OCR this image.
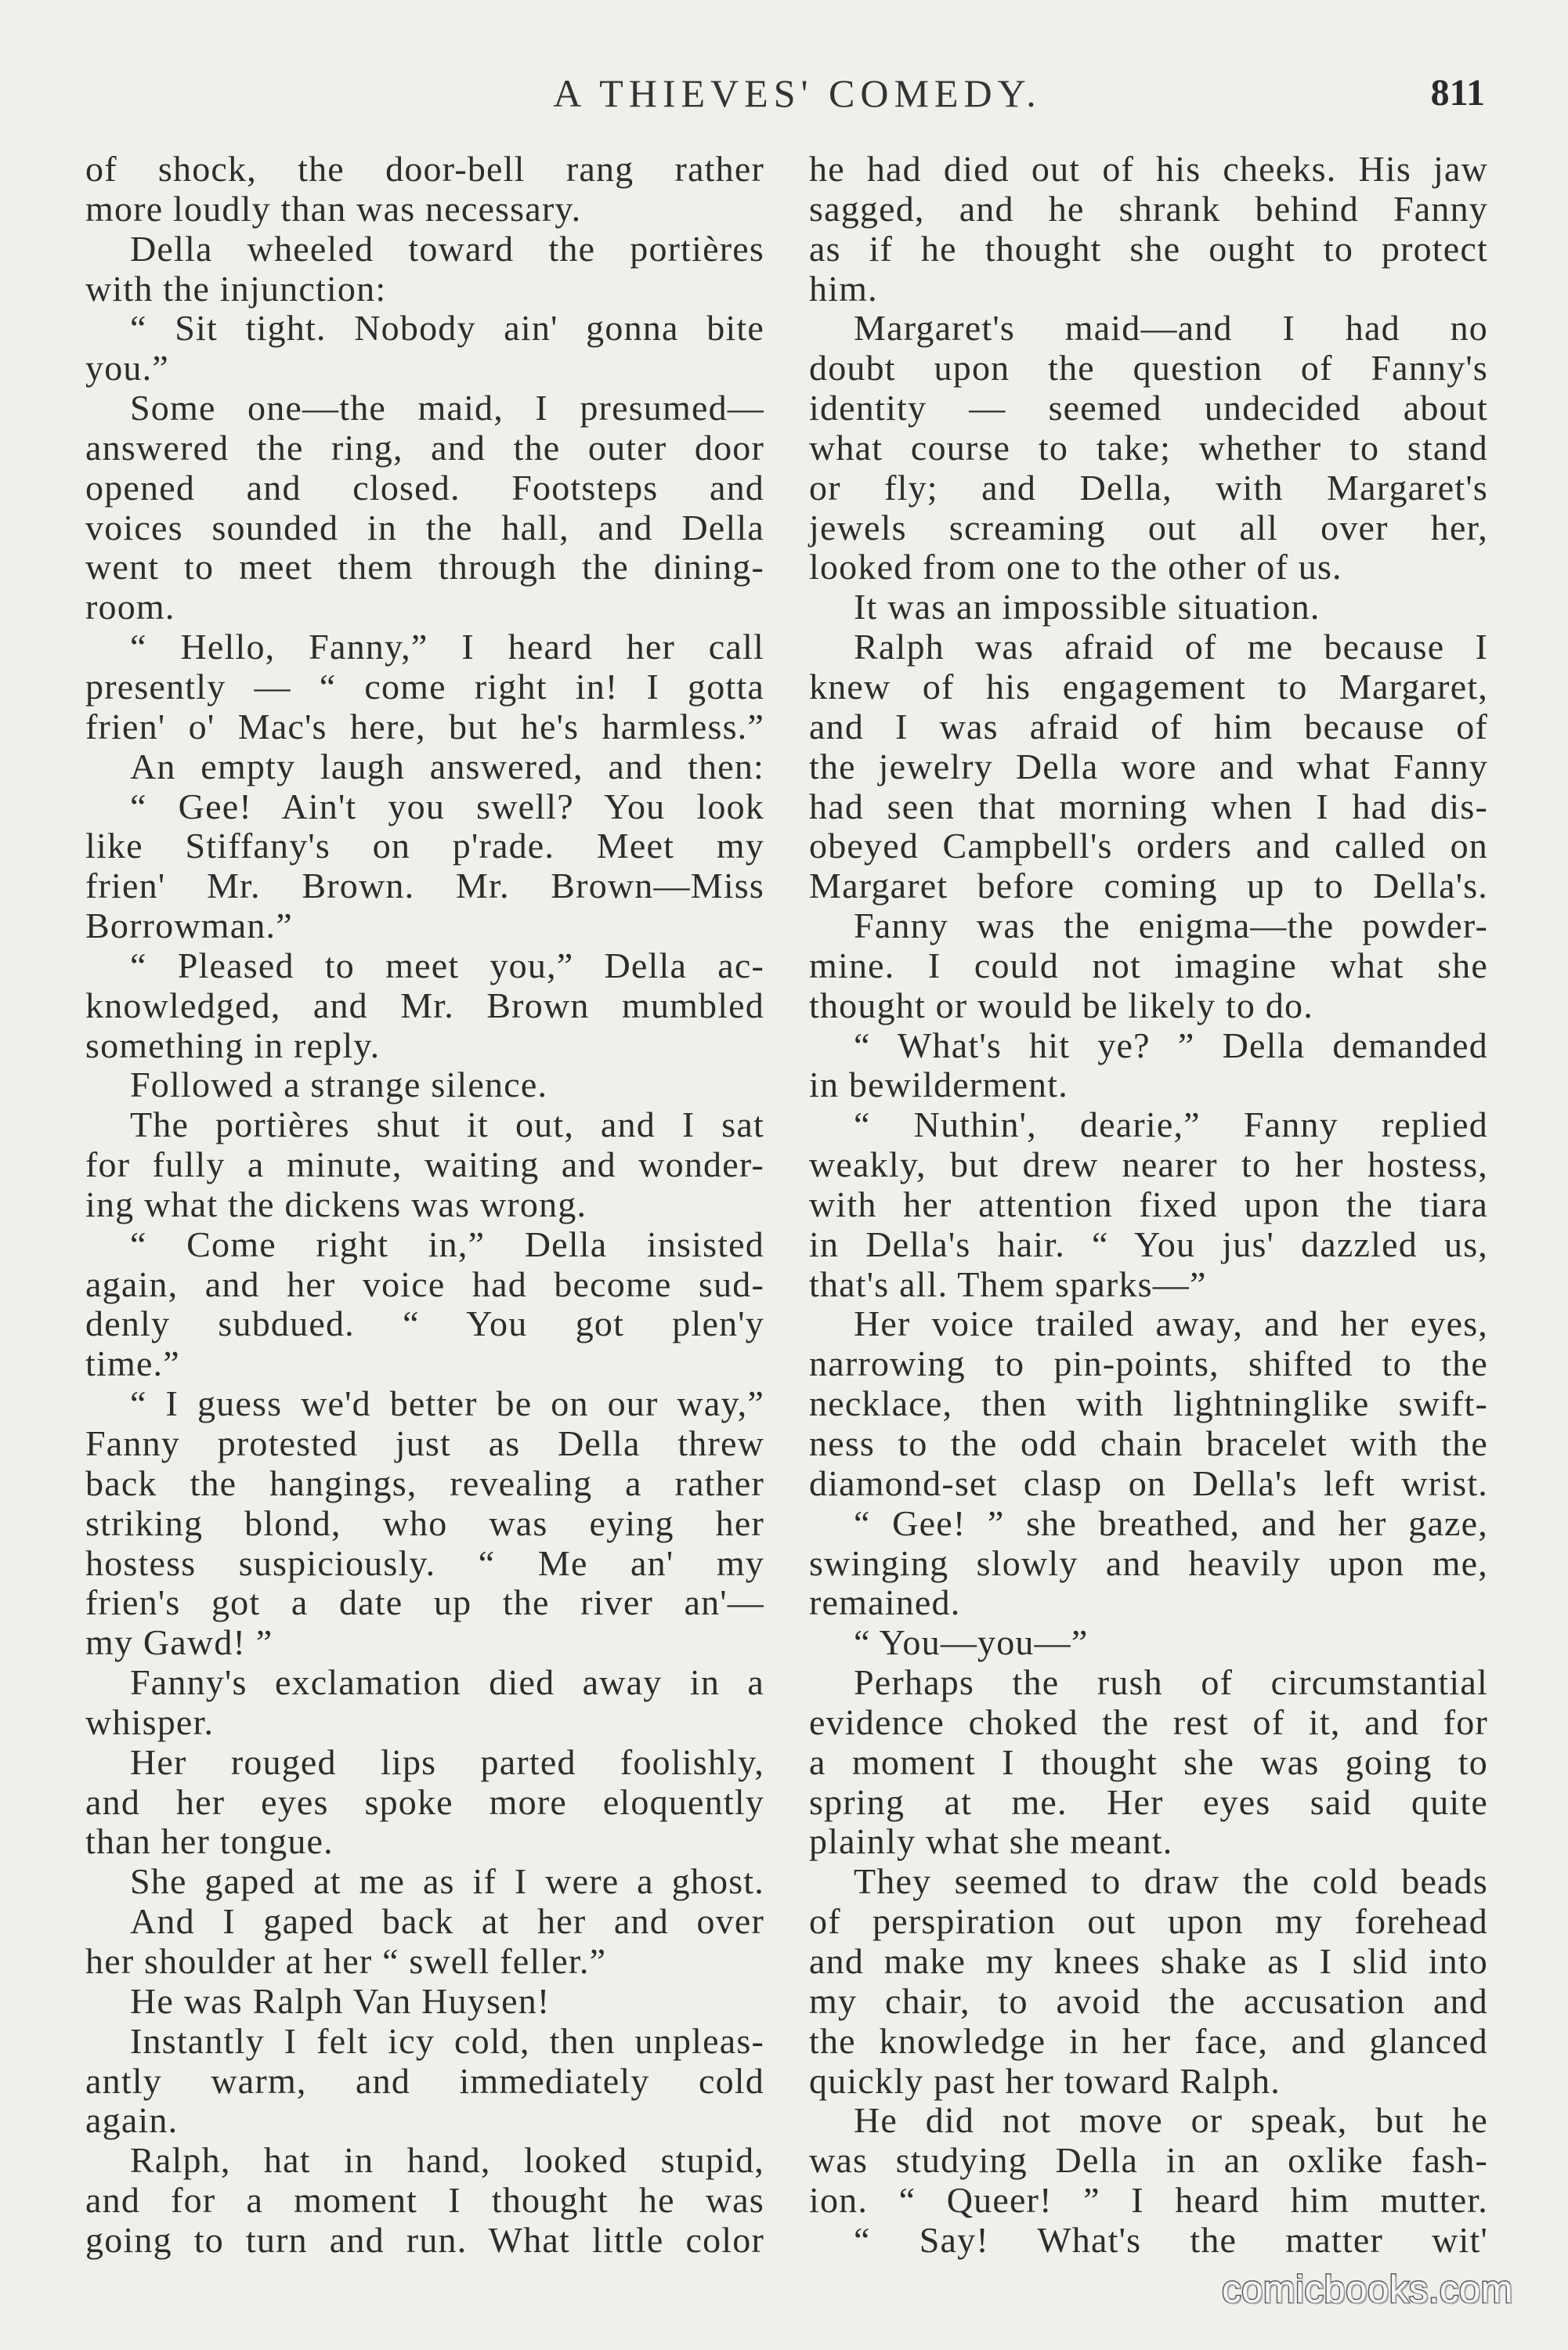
A THIEVES' COMEDY.	811
of shock, the door-bell rang rather
more loudly than was necessary.
Della wheeled toward the portières
with the injunction:
“ Sit tight. Nobody ain' gonna bite
you.”
Some one—the maid, I presumed—
answered the ring, and the outer door
opened and closed. Footsteps and
voices sounded in the hall, and Della
went to meet them through the dining-
room.
“ Hello, Fanny,” I heard her call
presently — “ come right in! I gotta
frien' o' Mac's here, but he's harmless.”
An empty laugh answered, and then:
“ Gee! Ain't you swell? You look
like Stiffany's on p'rade. Meet my
frien' Mr. Brown. Mr. Brown—Miss
Borrowman.”
“ Pleased to meet you,” Della ac-
knowledged, and Mr. Brown mumbled
something in reply.
Followed a strange silence.
The portières shut it out, and I sat
for fully a minute, waiting and wonder-
ing what the dickens was wrong.
“ Come right in,” Della insisted
again, and her voice had become sud-
denly subdued. “ You got plen'y
time.”
“ I guess we'd better be on our way,”
Fanny protested just as Della threw
back the hangings, revealing a rather
striking blond, who was eying her
hostess suspiciously. “ Me an' my
frien's got a date up the river an'—
my Gawd! ”
Fanny's exclamation died away in a
whisper.
Her rouged lips parted foolishly,
and her eyes spoke more eloquently
than her tongue.
She gaped at me as if I were a ghost.
And I gaped back at her and over
her shoulder at her “ swell feller.”
He was Ralph Van Huysen!
Instantly I felt icy cold, then unpleas-
antly warm, and immediately cold
again.
Ralph, hat in hand, looked stupid,
and for a moment I thought he was
going to turn and run. What little color
he had died out of his cheeks. His jaw
sagged, and he shrank behind Fanny
as if he thought she ought to protect
him.
Margaret's maid—and I had no
doubt upon the question of Fanny's
identity — seemed undecided about
what course to take; whether to stand
or fly; and Della, with Margaret's
jewels screaming out all over her,
looked from one to the other of us.
It was an impossible situation.
Ralph was afraid of me because I
knew of his engagement to Margaret,
and I was afraid of him because of
the jewelry Della wore and what Fanny
had seen that morning when I had dis-
obeyed Campbell's orders and called on
Margaret before coming up to Della's.
Fanny was the enigma—the powder-
mine. I could not imagine what she
thought or would be likely to do.
“ What's hit ye? ” Della demanded
in bewilderment.
“ Nuthin', dearie,” Fanny replied
weakly, but drew nearer to her hostess,
with her attention fixed upon the tiara
in Della's hair. “ You jus' dazzled us,
that's all. Them sparks—”
Her voice trailed away, and her eyes,
narrowing to pin-points, shifted to the
necklace, then with lightninglike swift-
ness to the odd chain bracelet with the
diamond-set clasp on Della's left wrist.
“ Gee! ” she breathed, and her gaze,
swinging slowly and heavily upon me,
remained.
“ You—you—”
Perhaps the rush of circumstantial
evidence choked the rest of it, and for
a moment I thought she was going to
spring at me. Her eyes said quite
plainly what she meant.
They seemed to draw the cold beads
of perspiration out upon my forehead
and make my knees shake as I slid into
my chair, to avoid the accusation and
the knowledge in her face, and glanced
quickly past her toward Ralph.
He did not move or speak, but he
was studying Della in an oxlike fash-
ion. “ Queer! ” I heard him mutter.
“ Say! What's the matter wit'
comicbooks.com
